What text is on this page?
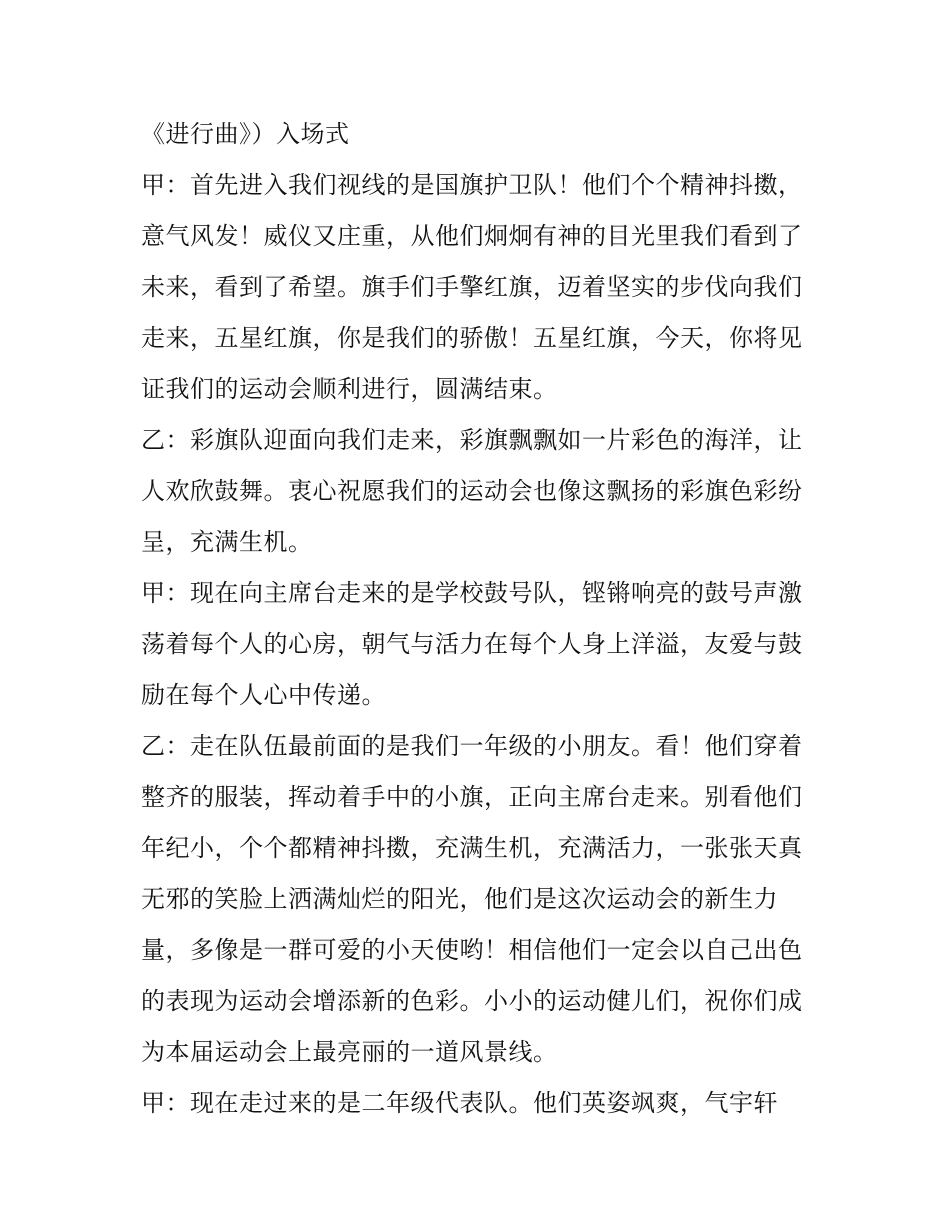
《进行曲》）入场式
甲：首先进入我们视线的是国旗护卫队！他们个个精神抖擞，
意气风发！威仪又庄重，从他们炯炯有神的目光里我们看到了
未来，看到了希望。旗手们手擎红旗，迈着坚实的步伐向我们
走来，五星红旗，你是我们的骄傲！五星红旗，今天，你将见
证我们的运动会顺利进行，圆满结束。
乙：彩旗队迎面向我们走来，彩旗飘飘如一片彩色的海洋，让
人欢欣鼓舞。衷心祝愿我们的运动会也像这飘扬的彩旗色彩纷
呈，充满生机。
甲：现在向主席台走来的是学校鼓号队，铿锵响亮的鼓号声激
荡着每个人的心房，朝气与活力在每个人身上洋溢，友爱与鼓
励在每个人心中传递。
乙：走在队伍最前面的是我们一年级的小朋友。看！他们穿着
整齐的服装，挥动着手中的小旗，正向主席台走来。别看他们
年纪小，个个都精神抖擞，充满生机，充满活力，一张张天真
无邪的笑脸上洒满灿烂的阳光，他们是这次运动会的新生力
量，多像是一群可爱的小天使哟！相信他们一定会以自己出色
的表现为运动会增添新的色彩。小小的运动健儿们，祝你们成
为本届运动会上最亮丽的一道风景线。
甲：现在走过来的是二年级代表队。他们英姿飒爽，气宇轩
